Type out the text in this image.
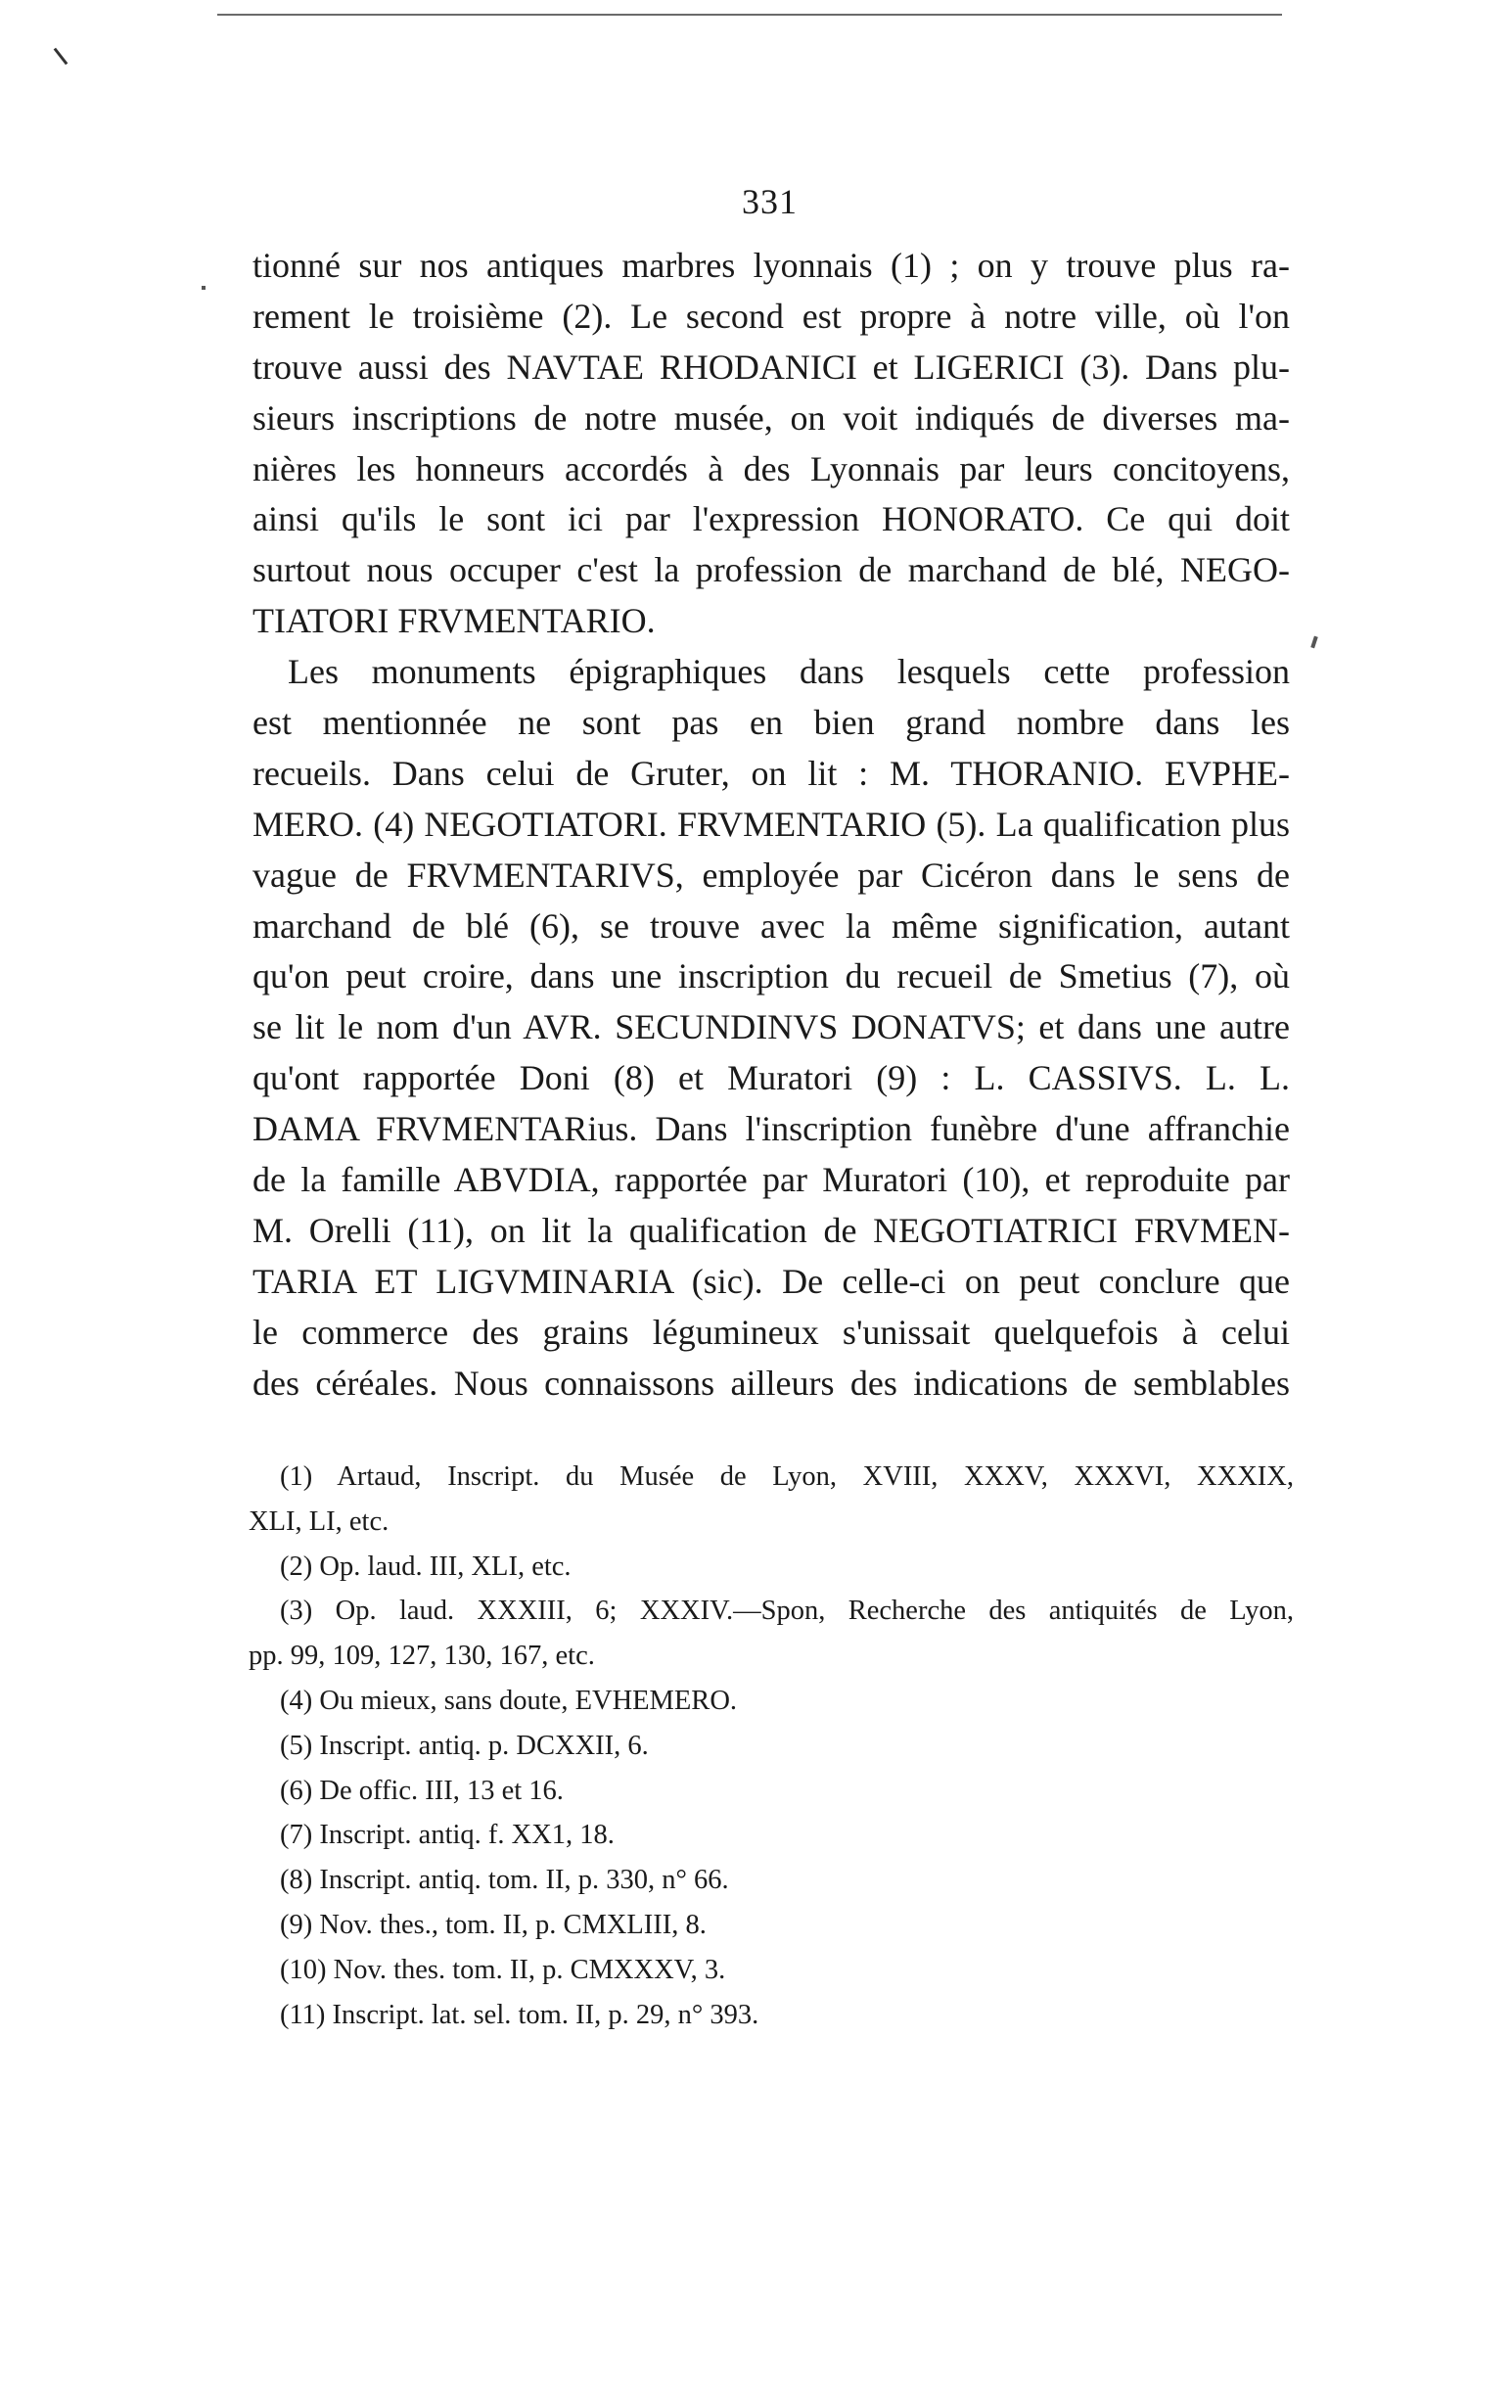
331
tionné sur nos antiques marbres lyonnais (1) ; on y trouve plus ra-
rement le troisième (2). Le second est propre à notre ville, où l'on
trouve aussi des NAVTAE RHODANICI et LIGERICI (3). Dans plu-
sieurs inscriptions de notre musée, on voit indiqués de diverses ma-
nières les honneurs accordés à des Lyonnais par leurs concitoyens,
ainsi qu'ils le sont ici par l'expression HONORATO. Ce qui doit
surtout nous occuper c'est la profession de marchand de blé, NEGO-
TIATORI FRVMENTARIO.
Les monuments épigraphiques dans lesquels cette profession
est mentionnée ne sont pas en bien grand nombre dans les
recueils. Dans celui de Gruter, on lit : M. THORANIO. EVPHE-
MERO. (4) NEGOTIATORI. FRVMENTARIO (5). La qualification plus
vague de FRVMENTARIVS, employée par Cicéron dans le sens de
marchand de blé (6), se trouve avec la même signification, autant
qu'on peut croire, dans une inscription du recueil de Smetius (7), où
se lit le nom d'un AVR. SECUNDINVS DONATVS; et dans une autre
qu'ont rapportée Doni (8) et Muratori (9) : L. CASSIVS. L. L.
DAMA FRVMENTARius. Dans l'inscription funèbre d'une affranchie
de la famille ABVDIA, rapportée par Muratori (10), et reproduite par
M. Orelli (11), on lit la qualification de NEGOTIATRICI FRVMEN-
TARIA ET LIGVMINARIA (sic). De celle-ci on peut conclure que
le commerce des grains légumineux s'unissait quelquefois à celui
des céréales. Nous connaissons ailleurs des indications de semblables
(1) Artaud, Inscript. du Musée de Lyon, XVIII, XXXV, XXXVI, XXXIX,
XLI, LI, etc.
(2) Op. laud. III, XLI, etc.
(3) Op. laud. XXXIII, 6; XXXIV.—Spon, Recherche des antiquités de Lyon,
pp. 99, 109, 127, 130, 167, etc.
(4) Ou mieux, sans doute, EVHEMERO.
(5) Inscript. antiq. p. DCXXII, 6.
(6) De offic. III, 13 et 16.
(7) Inscript. antiq. f. XX1, 18.
(8) Inscript. antiq. tom. II, p. 330, n° 66.
(9) Nov. thes., tom. II, p. CMXLIII, 8.
(10) Nov. thes. tom. II, p. CMXXXV, 3.
(11) Inscript. lat. sel. tom. II, p. 29, n° 393.
